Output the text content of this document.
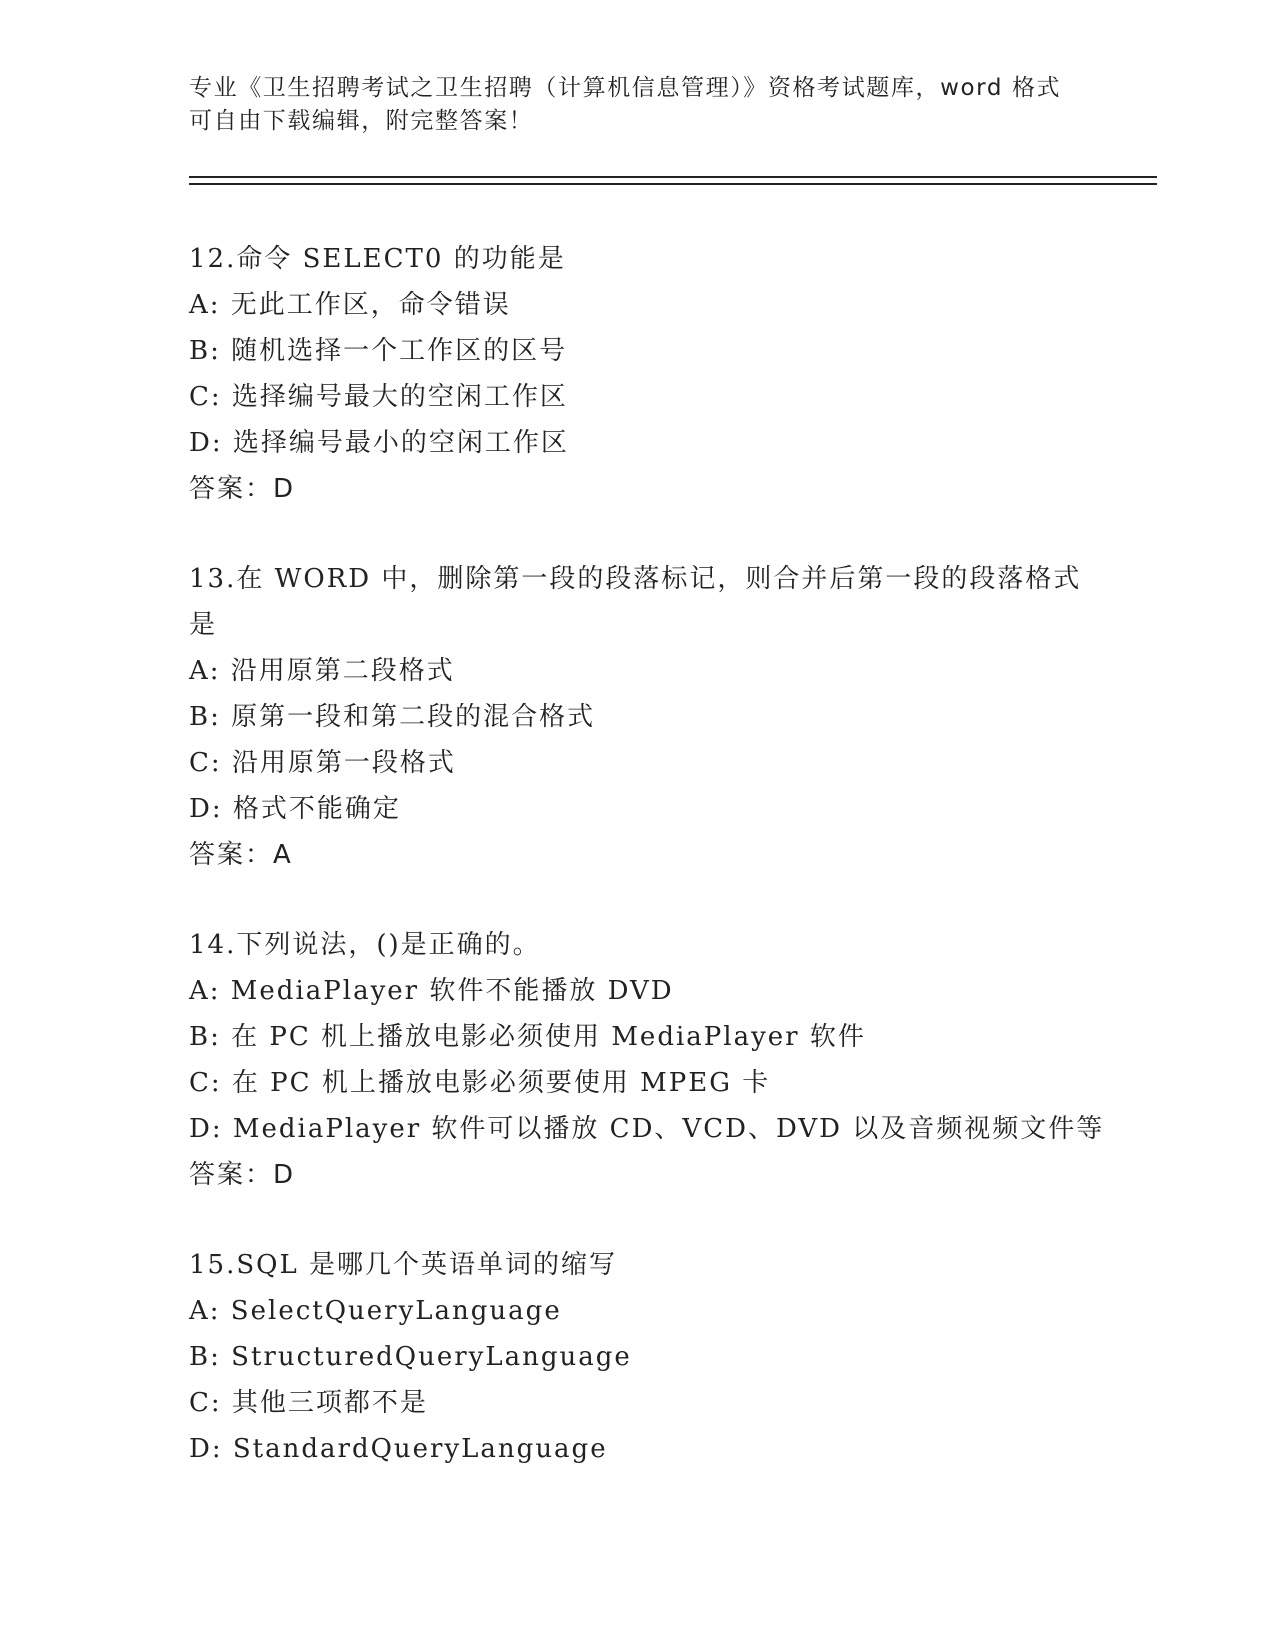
专业《卫生招聘考试之卫生招聘（计算机信息管理）》资格考试题库，word 格式

可自由下载编辑，附完整答案！

12.命令 SELECT0 的功能是

A: 无此工作区，命令错误

B: 随机选择一个工作区的区号

C: 选择编号最大的空闲工作区

D: 选择编号最小的空闲工作区

答案：D

13.在 WORD 中，删除第一段的段落标记，则合并后第一段的段落格式

是

A: 沿用原第二段格式

B: 原第一段和第二段的混合格式

C: 沿用原第一段格式

D: 格式不能确定

答案：A

14.下列说法，()是正确的。

A: MediaPlayer 软件不能播放 DVD

B: 在 PC 机上播放电影必须使用 MediaPlayer 软件

C: 在 PC 机上播放电影必须要使用 MPEG 卡

D: MediaPlayer 软件可以播放 CD、VCD、DVD 以及音频视频文件等

答案：D

15.SQL 是哪几个英语单词的缩写

A: SelectQueryLanguage

B: StructuredQueryLanguage

C: 其他三项都不是

D: StandardQueryLanguage
